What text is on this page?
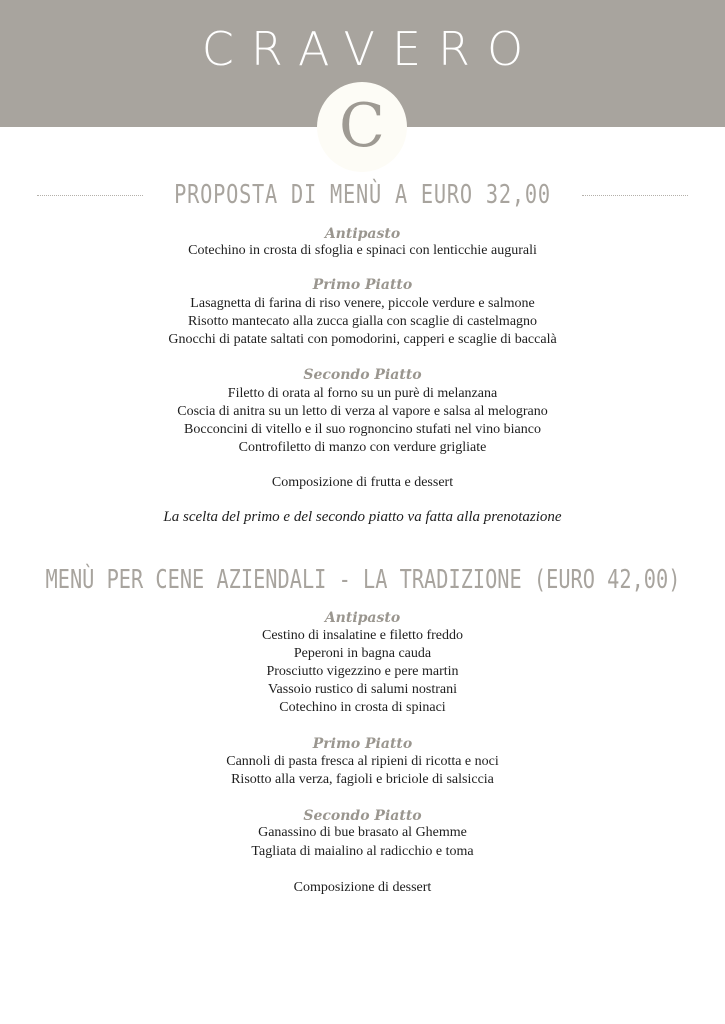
CRAVERO
C
PROPOSTA DI MENÙ A EURO 32,00
Antipasto
Cotechino in crosta di sfoglia e spinaci con lenticchie augurali
Primo Piatto
Lasagnetta di farina di riso venere, piccole verdure e salmone
Risotto mantecato alla zucca gialla con scaglie di castelmagno
Gnocchi di patate saltati con pomodorini, capperi e scaglie di baccalà
Secondo Piatto
Filetto di orata al forno su un purè di melanzana
Coscia di anitra su un letto di verza al vapore e salsa al melograno
Bocconcini di vitello e il suo rognoncino stufati nel vino bianco
Controfiletto di manzo con verdure grigliate
Composizione di frutta e dessert
La scelta del primo e del secondo piatto va fatta alla prenotazione
MENÙ PER CENE AZIENDALI - LA TRADIZIONE (EURO 42,00)
Antipasto
Cestino di insalatine e filetto freddo
Peperoni in bagna cauda
Prosciutto vigezzino e pere martin
Vassoio rustico di salumi nostrani
Cotechino in crosta di spinaci
Primo Piatto
Cannoli di pasta fresca al ripieni di ricotta e noci
Risotto alla verza, fagioli e briciole di salsiccia
Secondo Piatto
Ganassino di bue brasato al Ghemme
Tagliata di maialino al radicchio e toma
Composizione di dessert
